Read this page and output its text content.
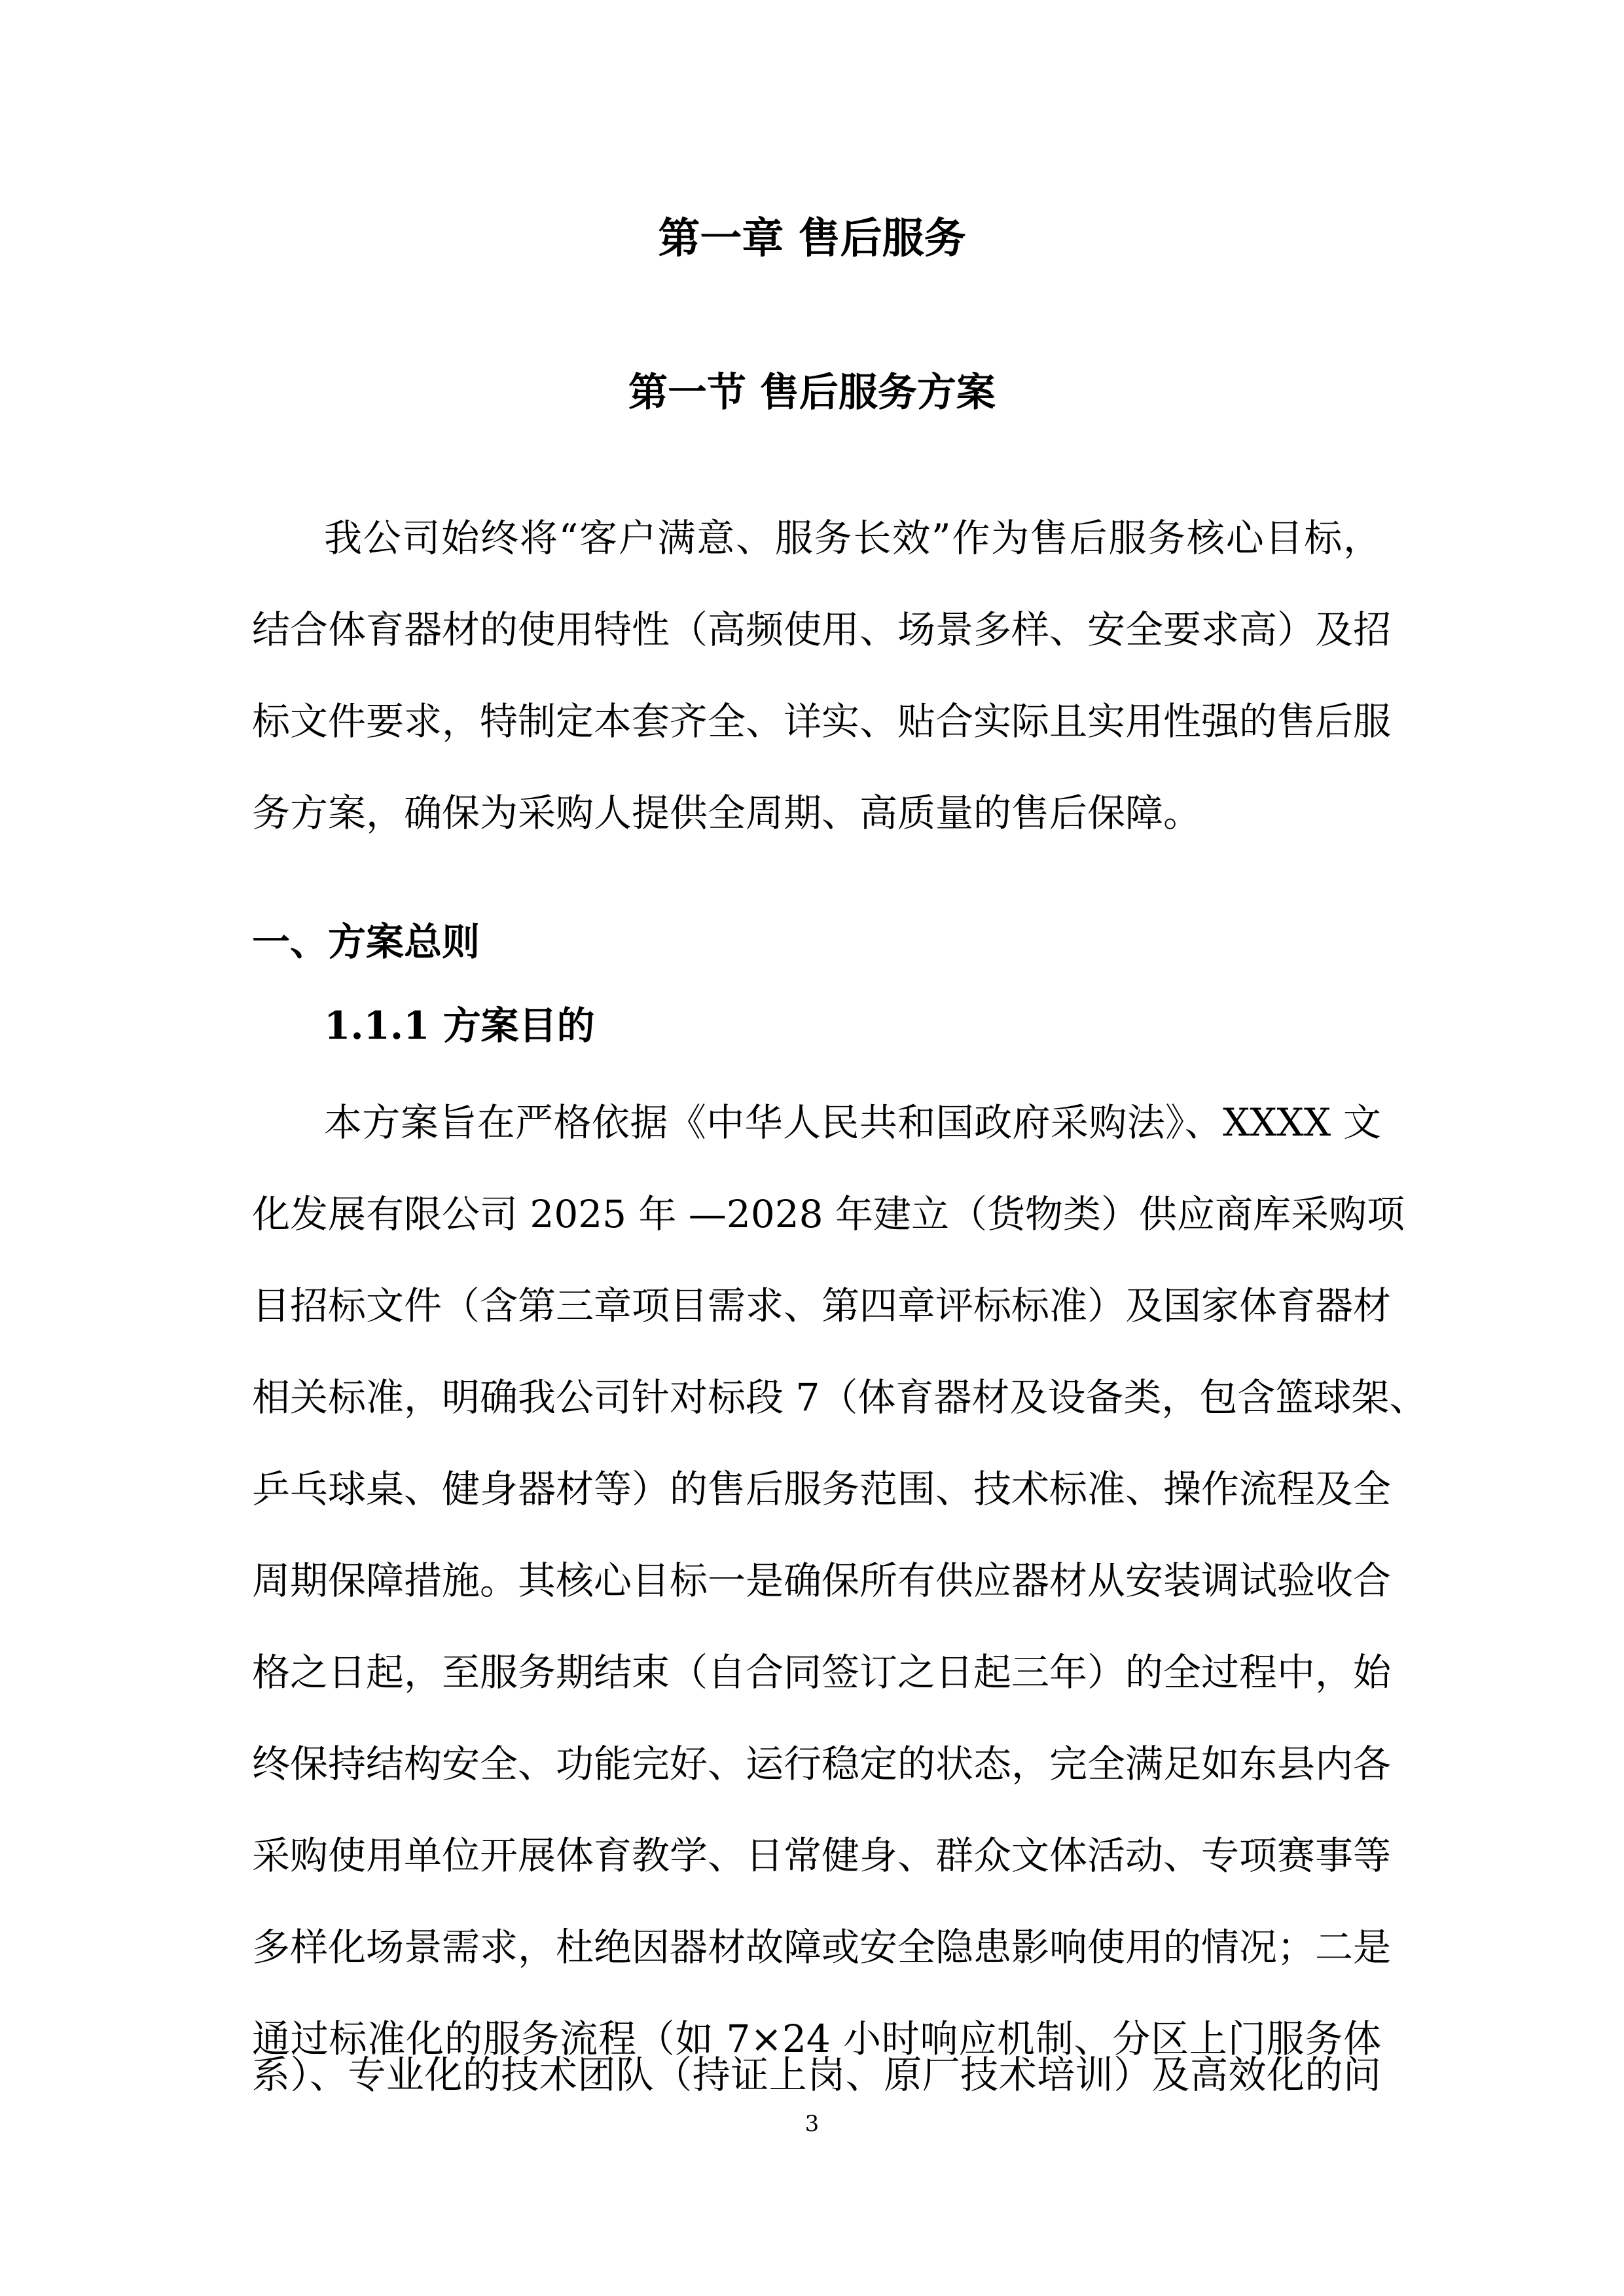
第一章 售后服务
第一节 售后服务方案

我公司始终将“客户满意、服务长效”作为售后服务核心目标，

结合体育器材的使用特性（高频使用、场景多样、安全要求高）及招

标文件要求，特制定本套齐全、详实、贴合实际且实用性强的售后服

务方案，确保为采购人提供全周期、高质量的售后保障。

一、方案总则
1.1.1 方案目的

本方案旨在严格依据《中华人民共和国政府采购法》、XXXX 文

化发展有限公司 2025 年 —2028 年建立（货物类）供应商库采购项

目招标文件（含第三章项目需求、第四章评标标准）及国家体育器材

相关标准，明确我公司针对标段 7（体育器材及设备类，包含篮球架、

乒乓球桌、健身器材等）的售后服务范围、技术标准、操作流程及全

周期保障措施。其核心目标一是确保所有供应器材从安装调试验收合

格之日起，至服务期结束（自合同签订之日起三年）的全过程中，始

终保持结构安全、功能完好、运行稳定的状态，完全满足如东县内各

采购使用单位开展体育教学、日常健身、群众文体活动、专项赛事等

多样化场景需求，杜绝因器材故障或安全隐患影响使用的情况；二是

通过标准化的服务流程（如 7×24 小时响应机制、分区上门服务体

系）、专业化的技术团队（持证上岗、原厂技术培训）及高效化的问

3
